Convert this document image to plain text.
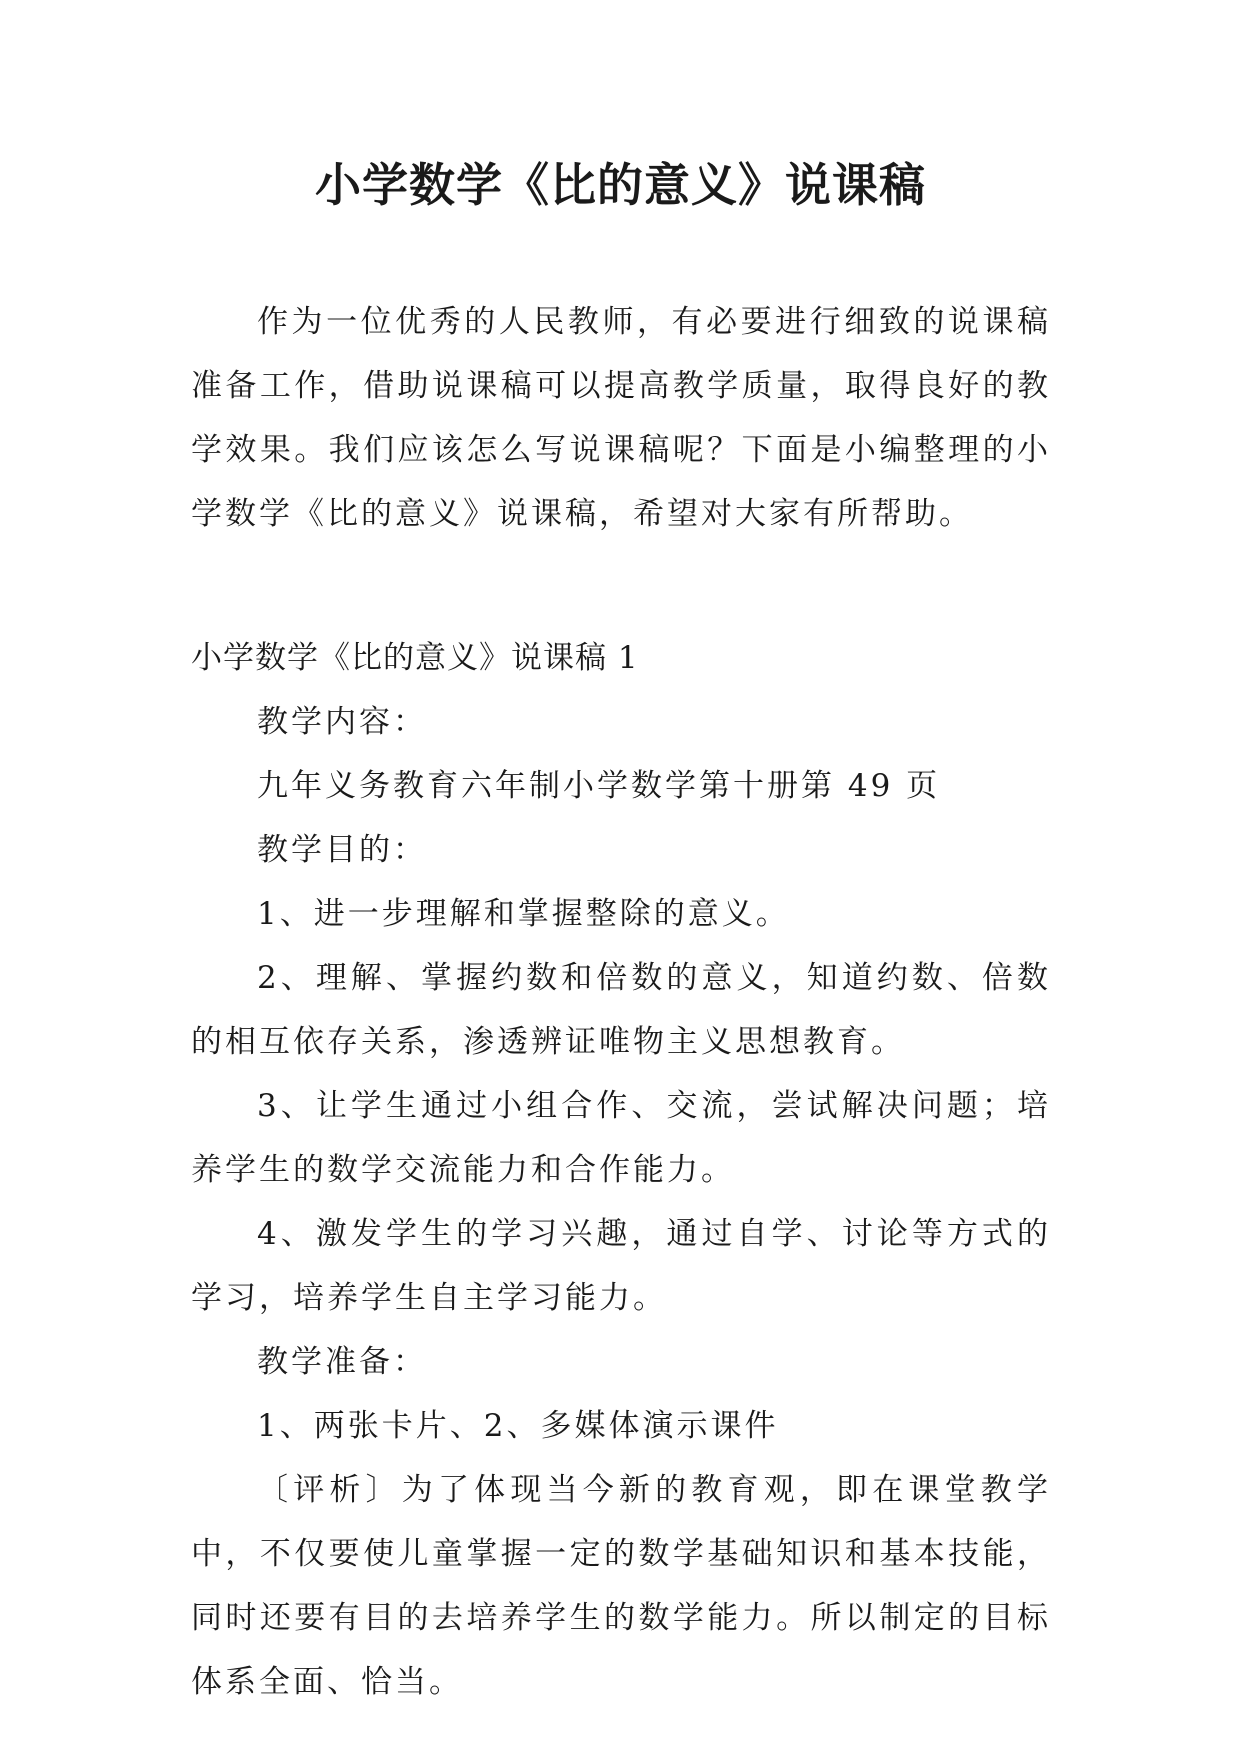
小学数学《比的意义》说课稿

作为一位优秀的人民教师，有必要进行细致的说课稿准备工作，借助说课稿可以提高教学质量，取得良好的教学效果。我们应该怎么写说课稿呢？下面是小编整理的小学数学《比的意义》说课稿，希望对大家有所帮助。

小学数学《比的意义》说课稿 1

教学内容：

九年义务教育六年制小学数学第十册第 49 页

教学目的：

1、进一步理解和掌握整除的意义。

2、理解、掌握约数和倍数的意义，知道约数、倍数的相互依存关系，渗透辨证唯物主义思想教育。

3、让学生通过小组合作、交流，尝试解决问题；培养学生的数学交流能力和合作能力。

4、激发学生的学习兴趣，通过自学、讨论等方式的学习，培养学生自主学习能力。

教学准备：

1、两张卡片、2、多媒体演示课件

〔评析〕为了体现当今新的教育观，即在课堂教学中，不仅要使儿童掌握一定的数学基础知识和基本技能，同时还要有目的去培养学生的数学能力。所以制定的目标体系全面、恰当。
